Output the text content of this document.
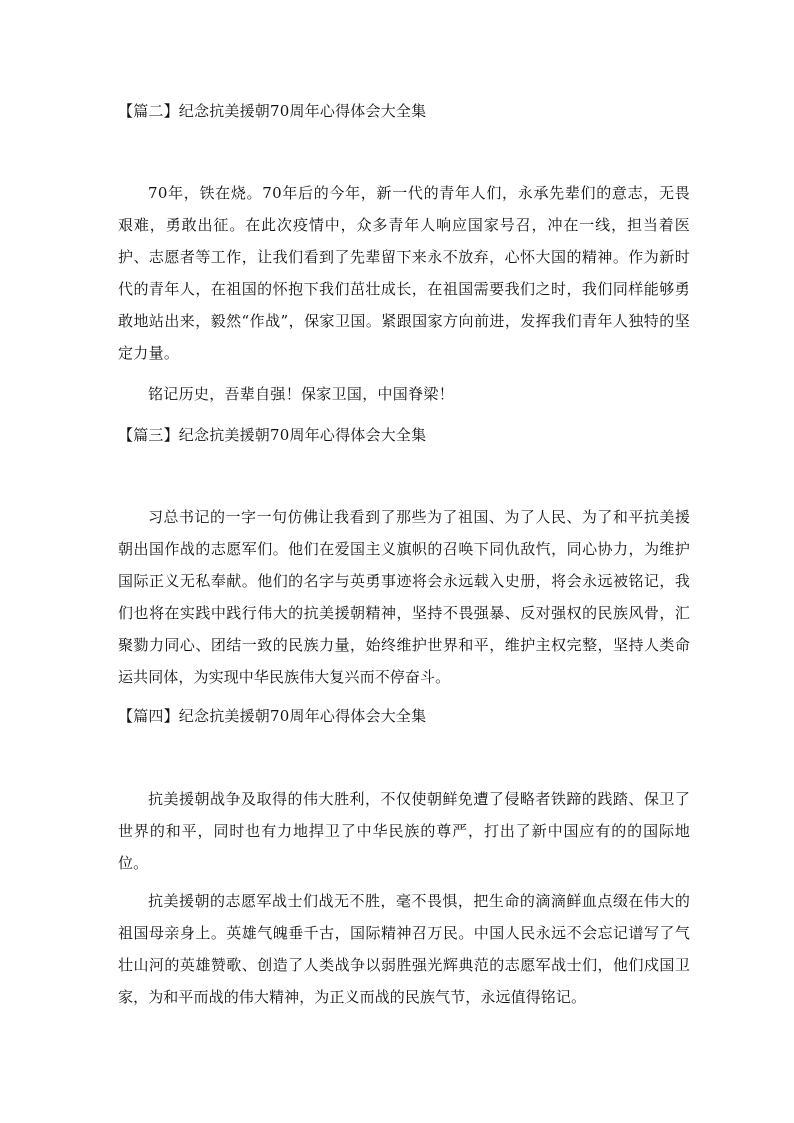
【篇二】纪念抗美援朝70周年心得体会大全集
70年，铁在烧。70年后的今年，新一代的青年人们，永承先辈们的意志，无畏艰难，勇敢出征。在此次疫情中，众多青年人响应国家号召，冲在一线，担当着医护、志愿者等工作，让我们看到了先辈留下来永不放弃，心怀大国的精神。作为新时代的青年人，在祖国的怀抱下我们茁壮成长，在祖国需要我们之时，我们同样能够勇敢地站出来，毅然“作战”，保家卫国。紧跟国家方向前进，发挥我们青年人独特的坚定力量。
铭记历史，吾辈自强！保家卫国，中国脊梁！
【篇三】纪念抗美援朝70周年心得体会大全集
习总书记的一字一句仿佛让我看到了那些为了祖国、为了人民、为了和平抗美援朝出国作战的志愿军们。他们在爱国主义旗帜的召唤下同仇敌忾，同心协力，为维护国际正义无私奉献。他们的名字与英勇事迹将会永远载入史册，将会永远被铭记，我们也将在实践中践行伟大的抗美援朝精神，坚持不畏强暴、反对强权的民族风骨，汇聚勠力同心、团结一致的民族力量，始终维护世界和平，维护主权完整，坚持人类命运共同体，为实现中华民族伟大复兴而不停奋斗。
【篇四】纪念抗美援朝70周年心得体会大全集
抗美援朝战争及取得的伟大胜利，不仅使朝鲜免遭了侵略者铁蹄的践踏、保卫了世界的和平，同时也有力地捍卫了中华民族的尊严，打出了新中国应有的的国际地位。
抗美援朝的志愿军战士们战无不胜，毫不畏惧，把生命的滴滴鲜血点缀在伟大的祖国母亲身上。英雄气魄垂千古，国际精神召万民。中国人民永远不会忘记谱写了气壮山河的英雄赞歌、创造了人类战争以弱胜强光辉典范的志愿军战士们，他们戍国卫家，为和平而战的伟大精神，为正义而战的民族气节，永远值得铭记。
